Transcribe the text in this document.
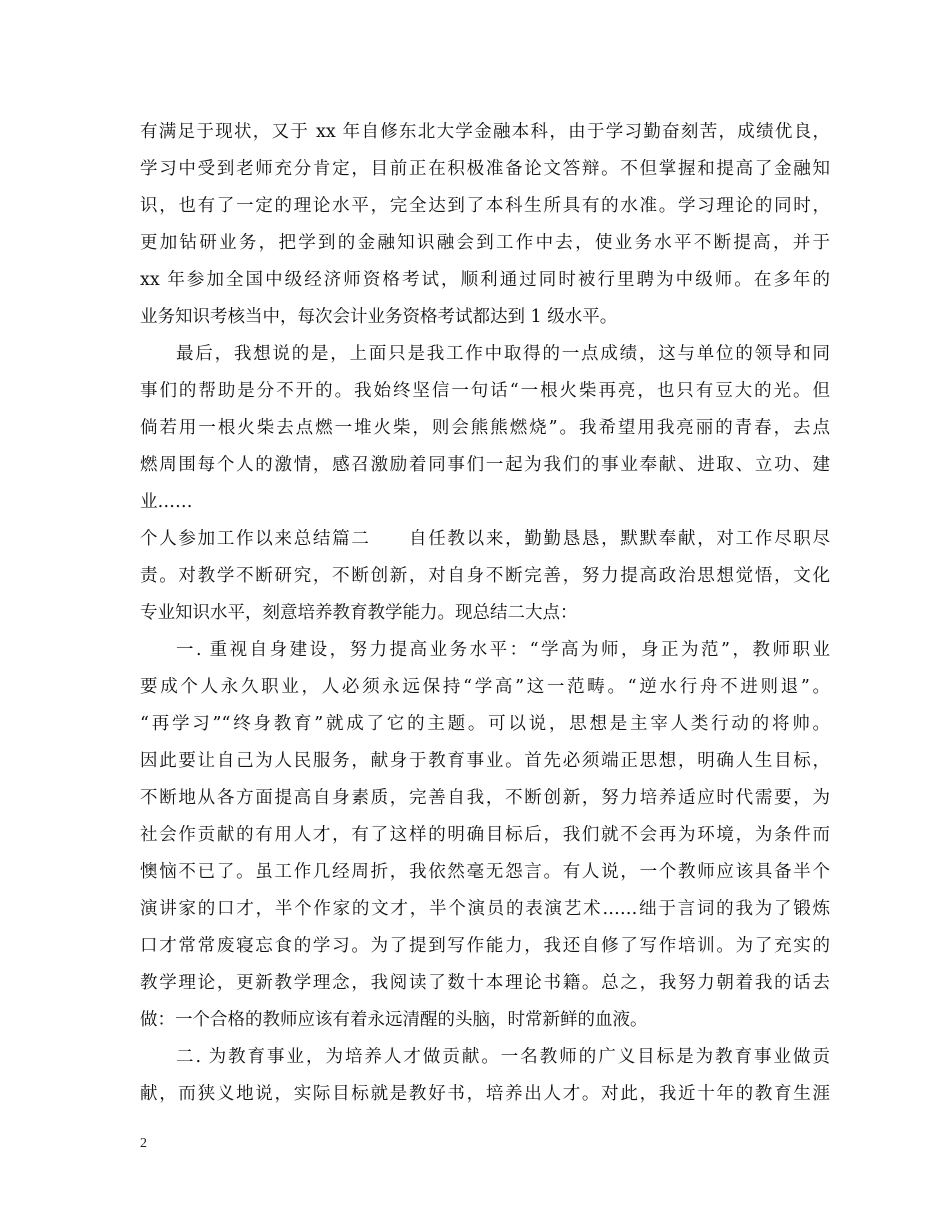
有满足于现状，又于 xx 年自修东北大学金融本科，由于学习勤奋刻苦，成绩优良，
学习中受到老师充分肯定，目前正在积极准备论文答辩。不但掌握和提高了金融知
识，也有了一定的理论水平，完全达到了本科生所具有的水准。学习理论的同时，
更加钻研业务，把学到的金融知识融会到工作中去，使业务水平不断提高，并于
xx 年参加全国中级经济师资格考试，顺利通过同时被行里聘为中级师。在多年的
业务知识考核当中，每次会计业务资格考试都达到 1 级水平。
最后，我想说的是，上面只是我工作中取得的一点成绩，这与单位的领导和同
事们的帮助是分不开的。我始终坚信一句话“一根火柴再亮，也只有豆大的光。但
倘若用一根火柴去点燃一堆火柴，则会熊熊燃烧”。我希望用我亮丽的青春，去点
燃周围每个人的激情，感召激励着同事们一起为我们的事业奉献、进取、立功、建
业……
个人参加工作以来总结篇二　　自任教以来，勤勤恳恳，默默奉献，对工作尽职尽
责。对教学不断研究，不断创新，对自身不断完善，努力提高政治思想觉悟，文化
专业知识水平，刻意培养教育教学能力。现总结二大点：
一. 重视自身建设，努力提高业务水平：“学高为师，身正为范”，教师职业
要成个人永久职业，人必须永远保持“学高”这一范畴。“逆水行舟不进则退”。
“再学习”“终身教育”就成了它的主题。可以说，思想是主宰人类行动的将帅。
因此要让自己为人民服务，献身于教育事业。首先必须端正思想，明确人生目标，
不断地从各方面提高自身素质，完善自我，不断创新，努力培养适应时代需要，为
社会作贡献的有用人才，有了这样的明确目标后，我们就不会再为环境，为条件而
懊恼不已了。虽工作几经周折，我依然毫无怨言。有人说，一个教师应该具备半个
演讲家的口才，半个作家的文才，半个演员的表演艺术……绌于言词的我为了锻炼
口才常常废寝忘食的学习。为了提到写作能力，我还自修了写作培训。为了充实的
教学理论，更新教学理念，我阅读了数十本理论书籍。总之，我努力朝着我的话去
做：一个合格的教师应该有着永远清醒的头脑，时常新鲜的血液。
二. 为教育事业，为培养人才做贡献。一名教师的广义目标是为教育事业做贡
献，而狭义地说，实际目标就是教好书，培养出人才。对此，我近十年的教育生涯
2
